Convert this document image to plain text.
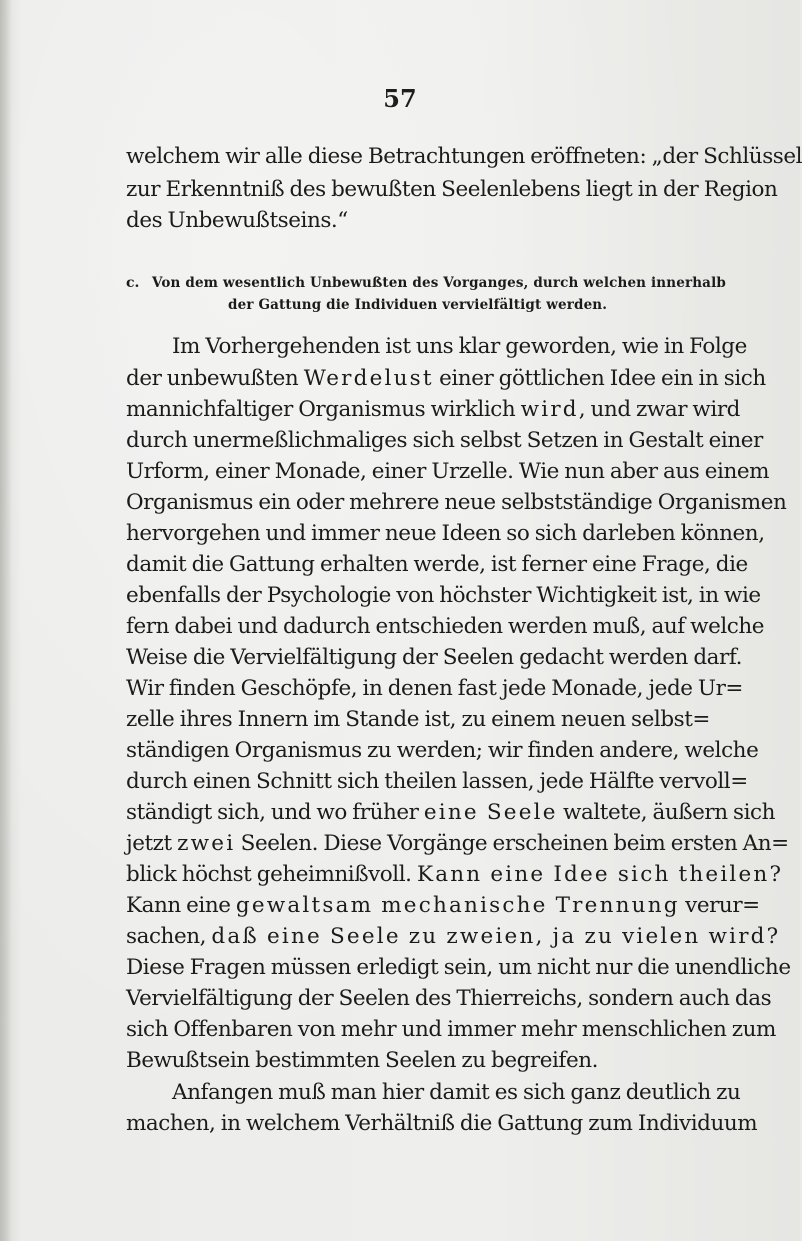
57
welchem wir alle diese Betrachtungen eröffneten: „der Schlüssel
zur Erkenntniß des bewußten Seelenlebens liegt in der Region
des Unbewußtseins.“
c. Von dem wesentlich Unbewußten des Vorganges, durch welchen innerhalb
der Gattung die Individuen vervielfältigt werden.
Im Vorhergehenden ist uns klar geworden, wie in Folge
der unbewußten Werdelust einer göttlichen Idee ein in sich
mannichfaltiger Organismus wirklich wird, und zwar wird
durch unermeßlichmaliges sich selbst Setzen in Gestalt einer
Urform, einer Monade, einer Urzelle. Wie nun aber aus einem
Organismus ein oder mehrere neue selbstständige Organismen
hervorgehen und immer neue Ideen so sich darleben können,
damit die Gattung erhalten werde, ist ferner eine Frage, die
ebenfalls der Psychologie von höchster Wichtigkeit ist, in wie
fern dabei und dadurch entschieden werden muß, auf welche
Weise die Vervielfältigung der Seelen gedacht werden darf.
Wir finden Geschöpfe, in denen fast jede Monade, jede Ur=
zelle ihres Innern im Stande ist, zu einem neuen selbst=
ständigen Organismus zu werden; wir finden andere, welche
durch einen Schnitt sich theilen lassen, jede Hälfte vervoll=
ständigt sich, und wo früher eine Seele waltete, äußern sich
jetzt zwei Seelen. Diese Vorgänge erscheinen beim ersten An=
blick höchst geheimnißvoll. Kann eine Idee sich theilen?
Kann eine gewaltsam mechanische Trennung verur=
sachen, daß eine Seele zu zweien, ja zu vielen wird?
Diese Fragen müssen erledigt sein, um nicht nur die unendliche
Vervielfältigung der Seelen des Thierreichs, sondern auch das
sich Offenbaren von mehr und immer mehr menschlichen zum
Bewußtsein bestimmten Seelen zu begreifen.
Anfangen muß man hier damit es sich ganz deutlich zu
machen, in welchem Verhältniß die Gattung zum Individuum
